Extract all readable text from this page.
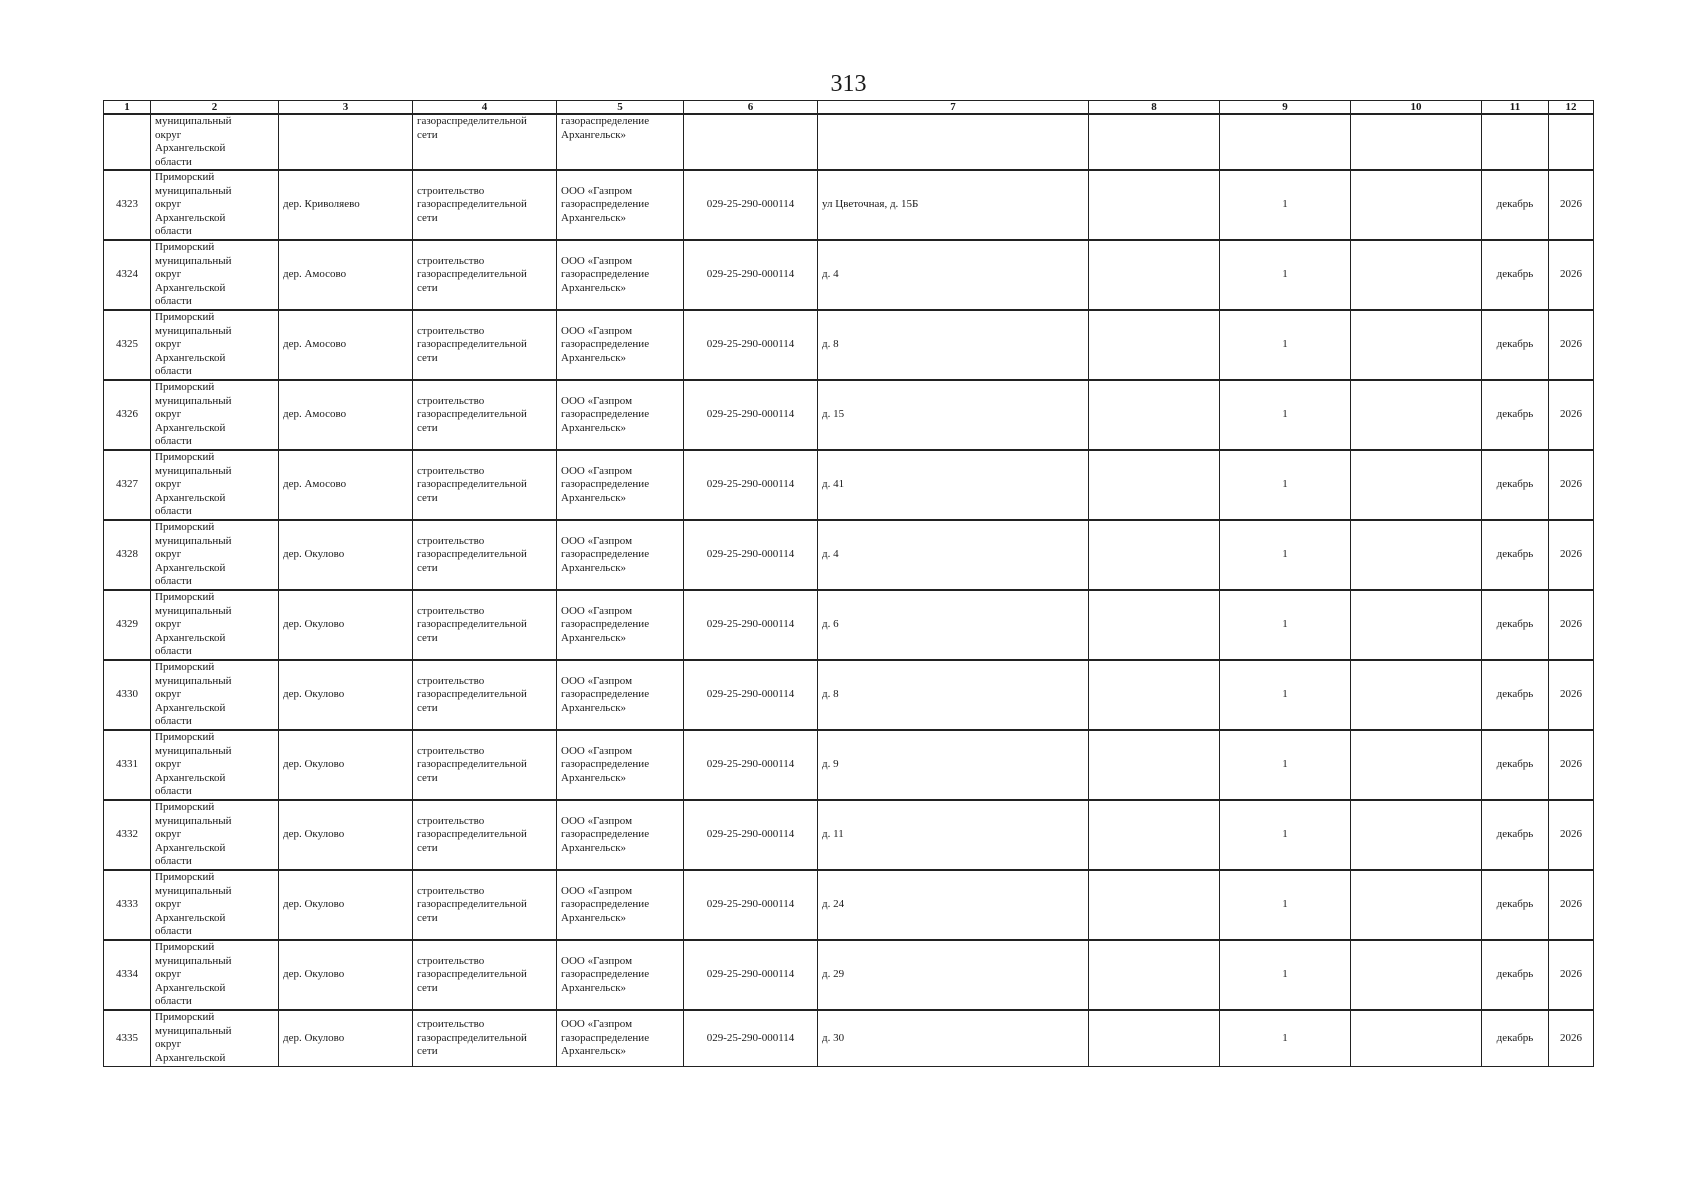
313
1	2	3	4	5	6	7	8	9	10	11	12

	муниципальный
округ
Архангельской
области		газораспределительной
сети	газораспределение
Архангельск»							

4323	Приморский
муниципальный
округ
Архангельской
области	дер. Криволяево	строительство
газораспределительной
сети	ООО «Газпром
газораспределение
Архангельск»	029-25-290-000114	ул Цветочная, д. 15Б		1		декабрь	2026

4324	Приморский
муниципальный
округ
Архангельской
области	дер. Амосово	строительство
газораспределительной
сети	ООО «Газпром
газораспределение
Архангельск»	029-25-290-000114	д. 4		1		декабрь	2026

4325	Приморский
муниципальный
округ
Архангельской
области	дер. Амосово	строительство
газораспределительной
сети	ООО «Газпром
газораспределение
Архангельск»	029-25-290-000114	д. 8		1		декабрь	2026

4326	Приморский
муниципальный
округ
Архангельской
области	дер. Амосово	строительство
газораспределительной
сети	ООО «Газпром
газораспределение
Архангельск»	029-25-290-000114	д. 15		1		декабрь	2026

4327	Приморский
муниципальный
округ
Архангельской
области	дер. Амосово	строительство
газораспределительной
сети	ООО «Газпром
газораспределение
Архангельск»	029-25-290-000114	д. 41		1		декабрь	2026

4328	Приморский
муниципальный
округ
Архангельской
области	дер. Окулово	строительство
газораспределительной
сети	ООО «Газпром
газораспределение
Архангельск»	029-25-290-000114	д. 4		1		декабрь	2026

4329	Приморский
муниципальный
округ
Архангельской
области	дер. Окулово	строительство
газораспределительной
сети	ООО «Газпром
газораспределение
Архангельск»	029-25-290-000114	д. 6		1		декабрь	2026

4330	Приморский
муниципальный
округ
Архангельской
области	дер. Окулово	строительство
газораспределительной
сети	ООО «Газпром
газораспределение
Архангельск»	029-25-290-000114	д. 8		1		декабрь	2026

4331	Приморский
муниципальный
округ
Архангельской
области	дер. Окулово	строительство
газораспределительной
сети	ООО «Газпром
газораспределение
Архангельск»	029-25-290-000114	д. 9		1		декабрь	2026

4332	Приморский
муниципальный
округ
Архангельской
области	дер. Окулово	строительство
газораспределительной
сети	ООО «Газпром
газораспределение
Архангельск»	029-25-290-000114	д. 11		1		декабрь	2026

4333	Приморский
муниципальный
округ
Архангельской
области	дер. Окулово	строительство
газораспределительной
сети	ООО «Газпром
газораспределение
Архангельск»	029-25-290-000114	д. 24		1		декабрь	2026

4334	Приморский
муниципальный
округ
Архангельской
области	дер. Окулово	строительство
газораспределительной
сети	ООО «Газпром
газораспределение
Архангельск»	029-25-290-000114	д. 29		1		декабрь	2026

4335	Приморский
муниципальный
округ
Архангельской	дер. Окулово	строительство
газораспределительной
сети	ООО «Газпром
газораспределение
Архангельск»	029-25-290-000114	д. 30		1		декабрь	2026
